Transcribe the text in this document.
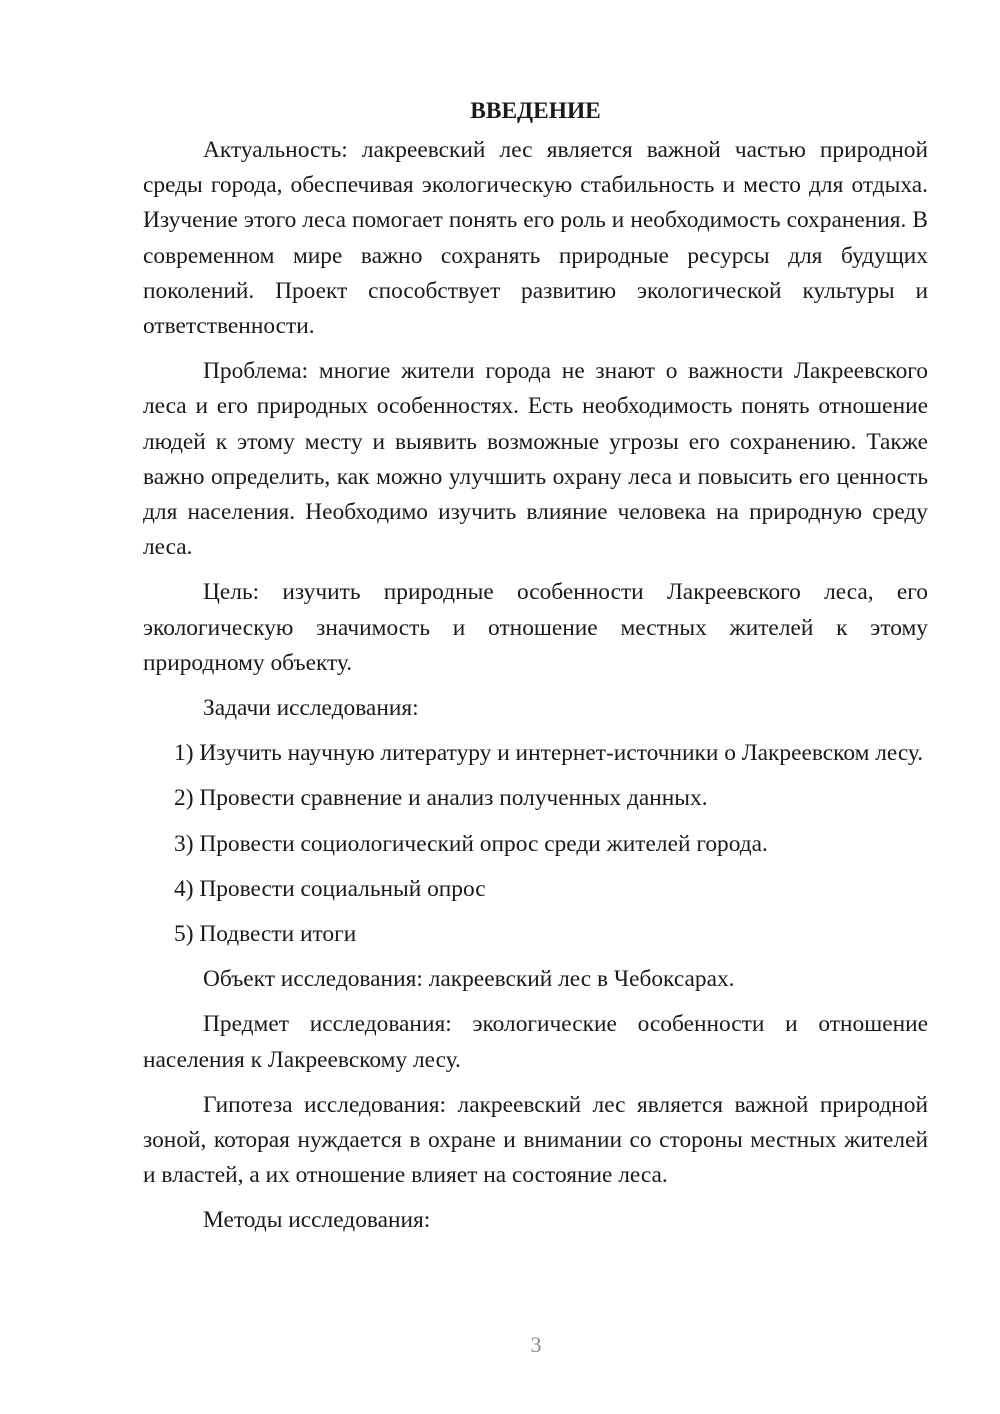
ВВЕДЕНИЕ

Актуальность: лакреевский лес является важной частью природной среды города, обеспечивая экологическую стабильность и место для отдыха. Изучение этого леса помогает понять его роль и необходимость сохранения. В современном мире важно сохранять природные ресурсы для будущих поколений. Проект способствует развитию экологической культуры и ответственности.

Проблема: многие жители города не знают о важности Лакреевского леса и его природных особенностях. Есть необходимость понять отношение людей к этому месту и выявить возможные угрозы его сохранению. Также важно определить, как можно улучшить охрану леса и повысить его ценность для населения. Необходимо изучить влияние человека на природную среду леса.

Цель: изучить природные особенности Лакреевского леса, его экологическую значимость и отношение местных жителей к этому природному объекту.

Задачи исследования:

1) Изучить научную литературу и интернет-источники о Лакреевском лесу.

2) Провести сравнение и анализ полученных данных.

3) Провести социологический опрос среди жителей города.

4) Провести социальный опрос

5) Подвести итоги

Объект исследования: лакреевский лес в Чебоксарах.

Предмет исследования: экологические особенности и отношение населения к Лакреевскому лесу.

Гипотеза исследования: лакреевский лес является важной природной зоной, которая нуждается в охране и внимании со стороны местных жителей и властей, а их отношение влияет на состояние леса.

Методы исследования:

3
